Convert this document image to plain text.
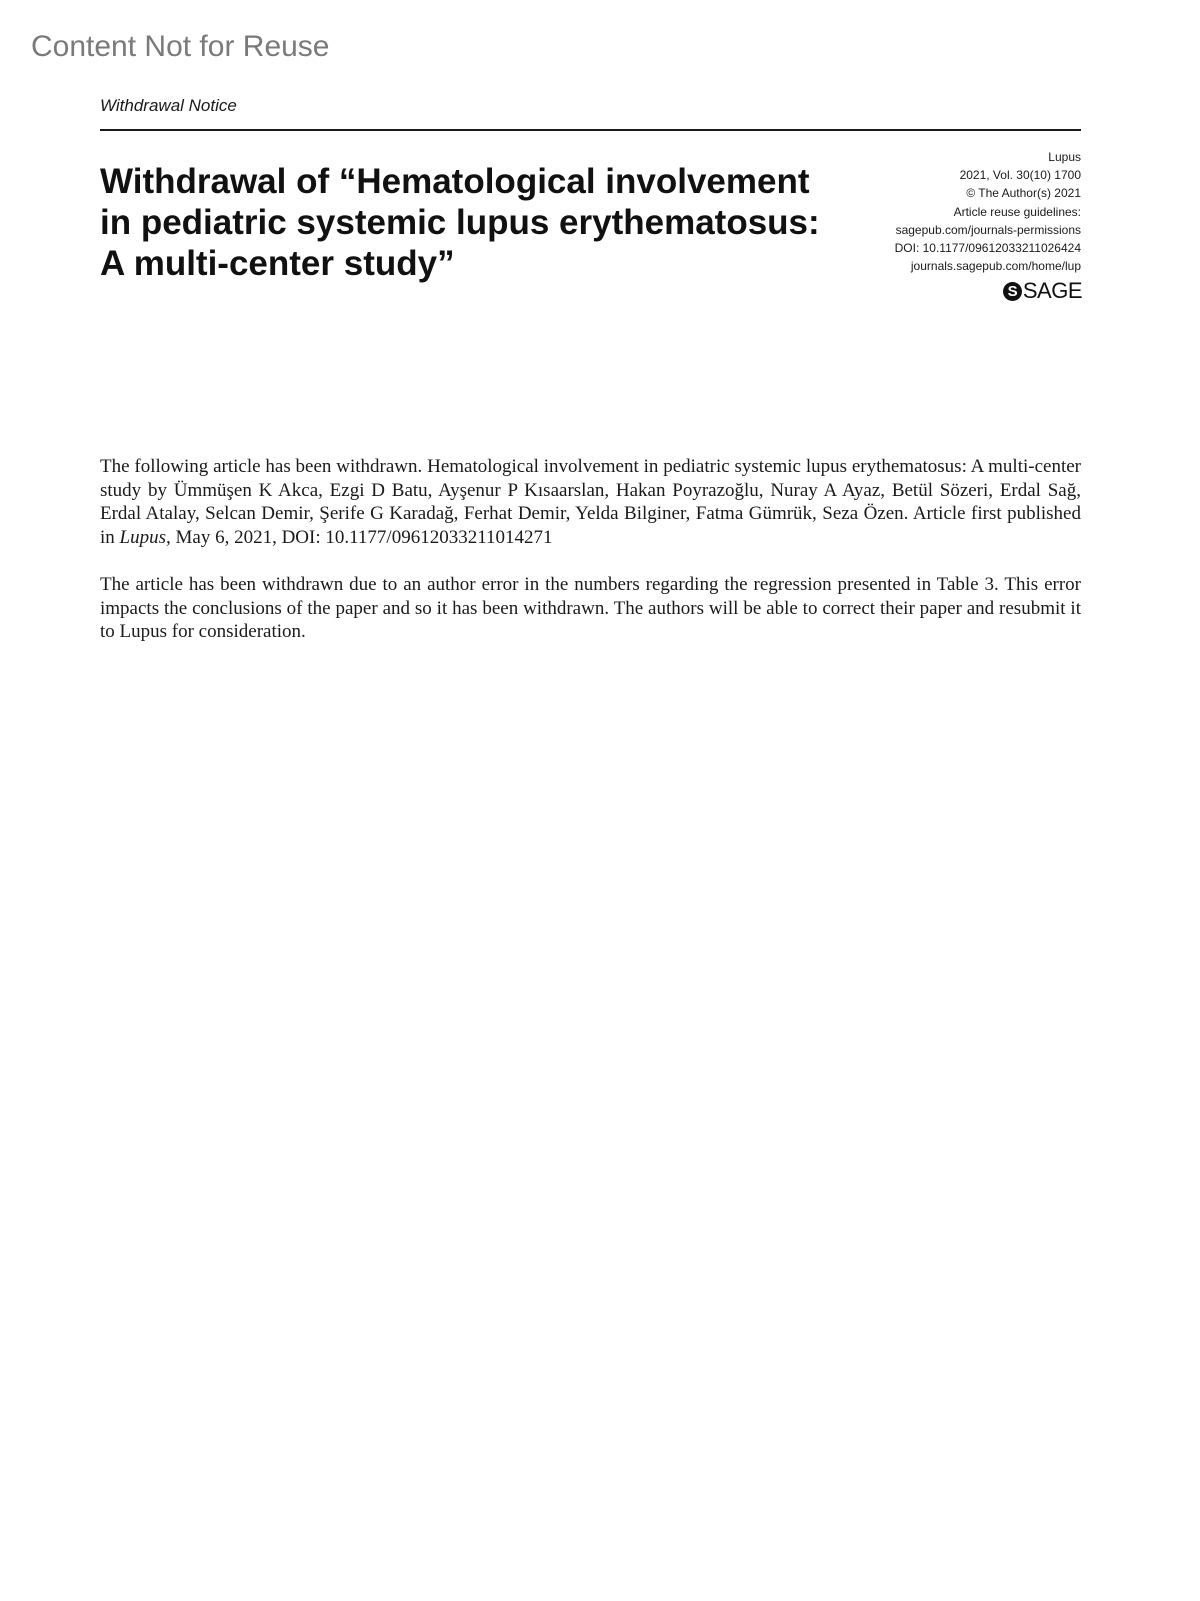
Content Not for Reuse
Withdrawal Notice
Withdrawal of “Hematological involvement in pediatric systemic lupus erythematosus: A multi-center study”
Lupus
2021, Vol. 30(10) 1700
© The Author(s) 2021
Article reuse guidelines:
sagepub.com/journals-permissions
DOI: 10.1177/09612033211026424
journals.sagepub.com/home/lup
S SAGE

The following article has been withdrawn. Hematological involvement in pediatric systemic lupus erythematosus: A multi-center study by Ümmüşen K Akca, Ezgi D Batu, Ayşenur P Kısaarslan, Hakan Poyrazoğlu, Nuray A Ayaz, Betül Sözeri, Erdal Sağ, Erdal Atalay, Selcan Demir, Şerife G Karadağ, Ferhat Demir, Yelda Bilginer, Fatma Gümrük, Seza Özen. Article first published in Lupus, May 6, 2021, DOI: 10.1177/09612033211014271

The article has been withdrawn due to an author error in the numbers regarding the regression presented in Table 3. This error impacts the conclusions of the paper and so it has been withdrawn. The authors will be able to correct their paper and resubmit it to Lupus for consideration.
